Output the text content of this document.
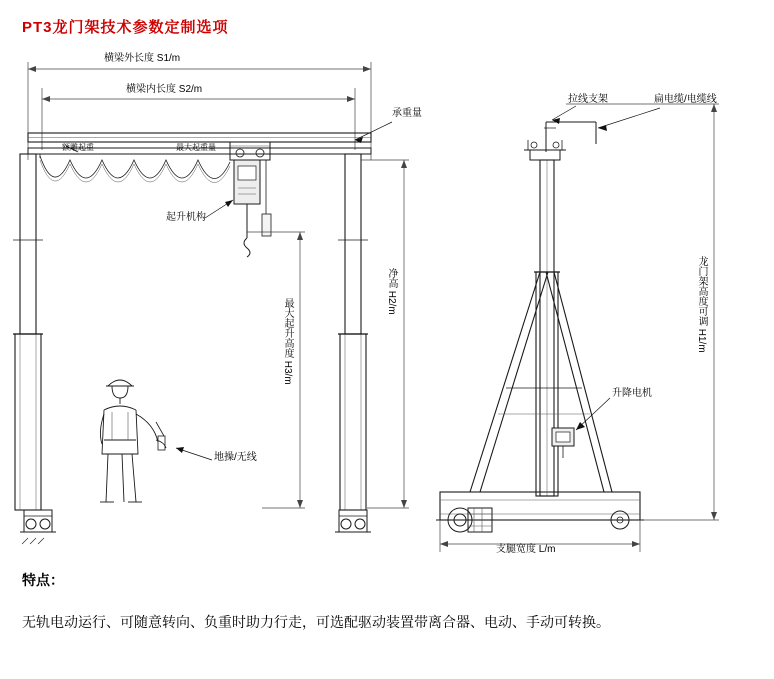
PT3龙门架技术参数定制选项
横梁外长度 S1/m
横梁内长度 S2/m
承重量
额雕起重	最大起重量
起升机构
最大起升高度 H3/m
净高 H2/m
地操/无线
拉线支架	扁电缆/电缆线
龙门架高度可调 H1/m
升降电机
支腿宽度 L/m
特点：
无轨电动运行、可随意转向、负重时助力行走，可选配驱动装置带离合器、电动、手动可转换。
